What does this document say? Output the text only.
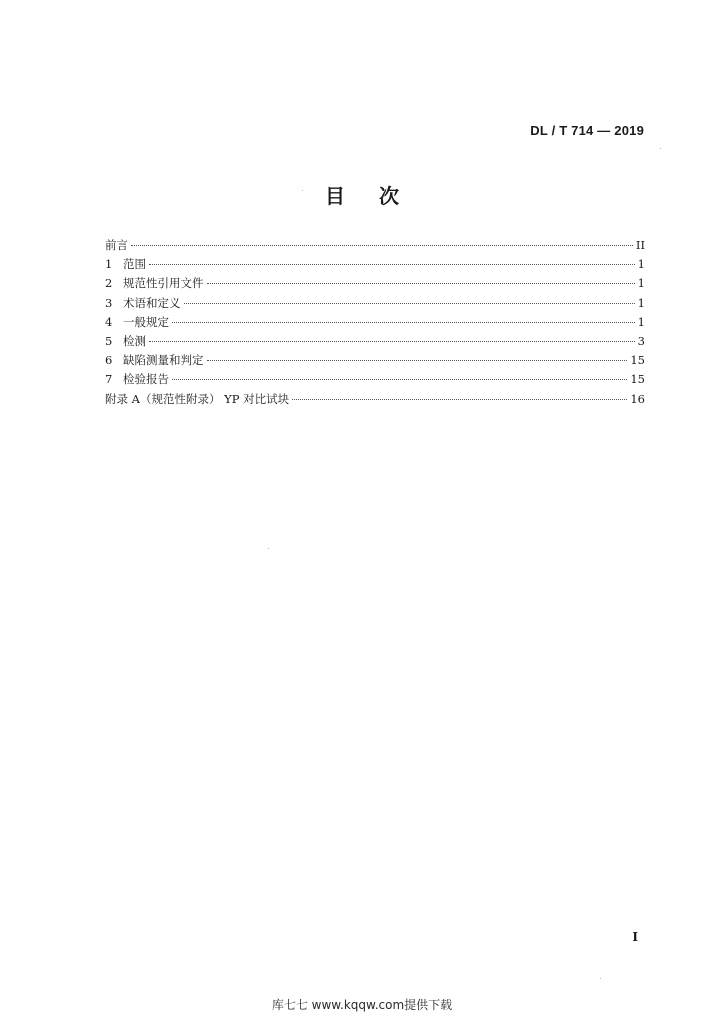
DL / T 714 — 2019
目次
前言	II
1 范围	1
2 规范性引用文件	1
3 术语和定义	1
4 一般规定	1
5 检测	3
6 缺陷测量和判定	15
7 检验报告	15
附录 A（规范性附录） YP 对比试块	16
I
库七七 www.kqqw.com提供下载
